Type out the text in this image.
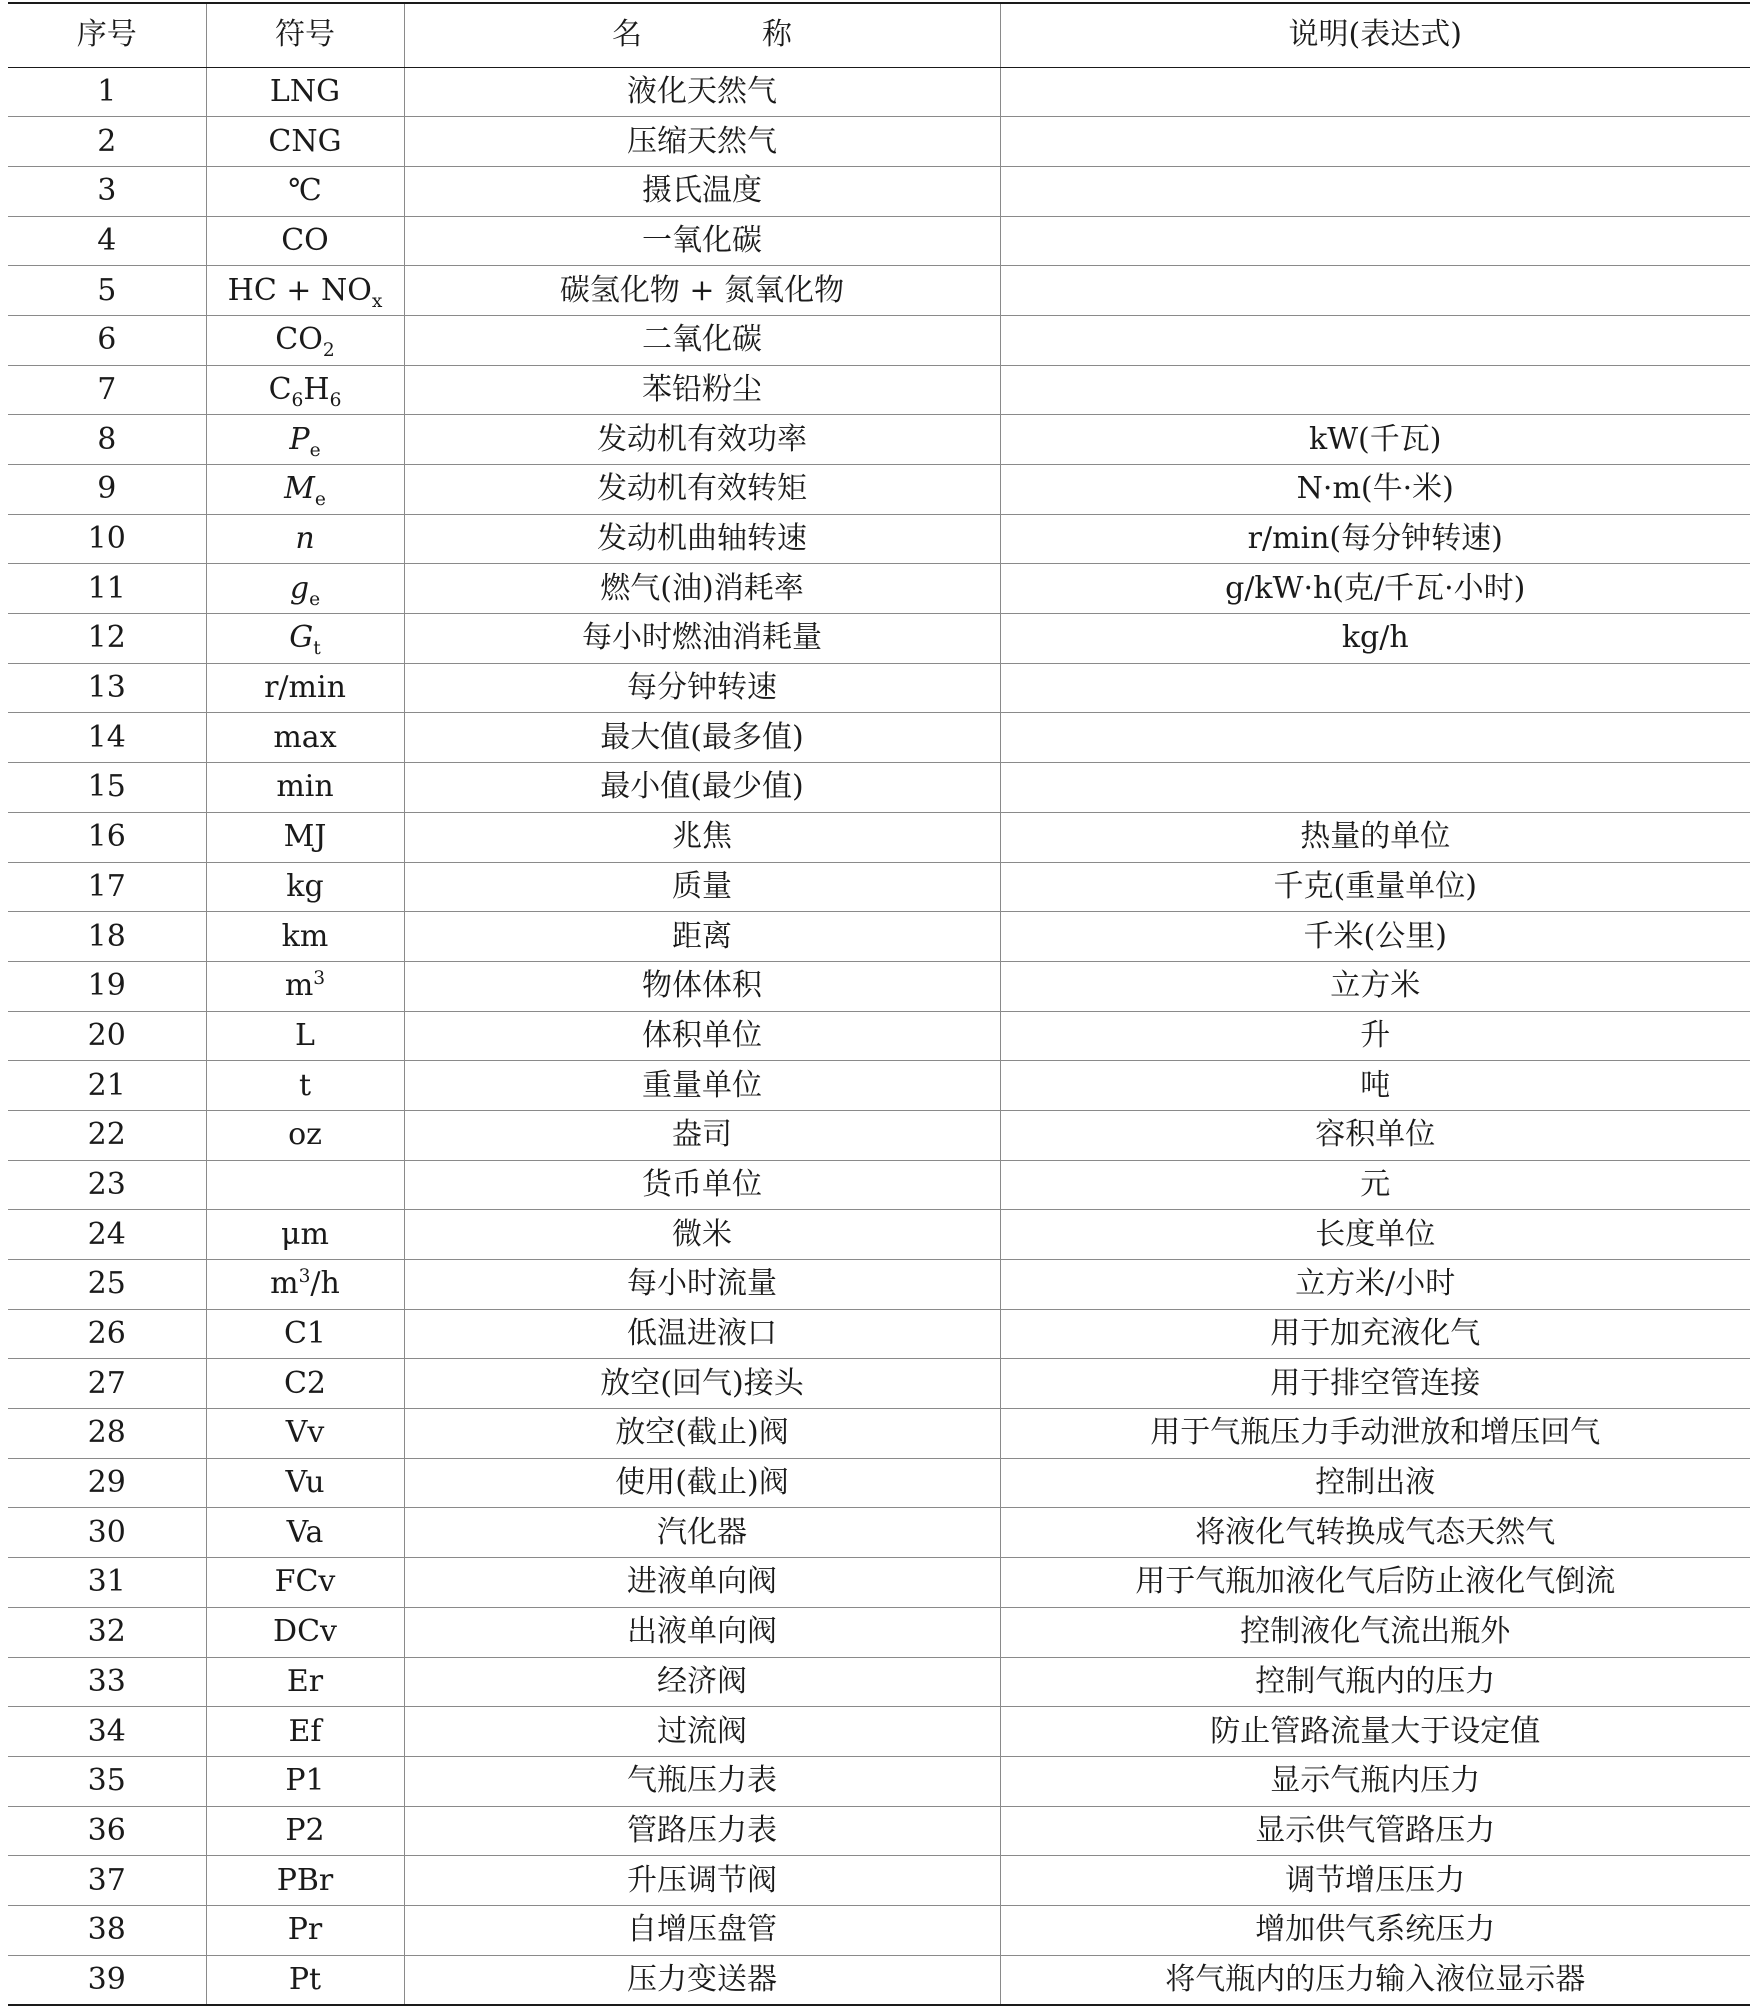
序号	符号	名 称	说明(表达式)
1	LNG	液化天然气	
2	CNG	压缩天然气	
3	℃	摄氏温度	
4	CO	一氧化碳	
5	HC + $NO_x$	碳氢化物 + 氮氧化物	
6	$CO_2$	二氧化碳	
7	$C_6H_6$	苯铅粉尘	
8	$P_e$	发动机有效功率	kW(千瓦)
9	$M_e$	发动机有效转矩	N·m(牛·米)
10	n	发动机曲轴转速	r/min(每分钟转速)
11	$g_e$	燃气(油)消耗率	g/kW·h(克/千瓦·小时)
12	$G_t$	每小时燃油消耗量	kg/h
13	r/min	每分钟转速	
14	max	最大值(最多值)	
15	min	最小值(最少值)	
16	MJ	兆焦	热量的单位
17	kg	质量	千克(重量单位)
18	km	距离	千米(公里)
19	$m^3$	物体体积	立方米
20	L	体积单位	升
21	t	重量单位	吨
22	oz	盎司	容积单位
23		货币单位	元
24	μm	微米	长度单位
25	$m^3/h$	每小时流量	立方米/小时
26	C1	低温进液口	用于加充液化气
27	C2	放空(回气)接头	用于排空管连接
28	Vv	放空(截止)阀	用于气瓶压力手动泄放和增压回气
29	Vu	使用(截止)阀	控制出液
30	Va	汽化器	将液化气转换成气态天然气
31	FCv	进液单向阀	用于气瓶加液化气后防止液化气倒流
32	DCv	出液单向阀	控制液化气流出瓶外
33	Er	经济阀	控制气瓶内的压力
34	Ef	过流阀	防止管路流量大于设定值
35	P1	气瓶压力表	显示气瓶内压力
36	P2	管路压力表	显示供气管路压力
37	PBr	升压调节阀	调节增压压力
38	Pr	自增压盘管	增加供气系统压力
39	Pt	压力变送器	将气瓶内的压力输入液位显示器
